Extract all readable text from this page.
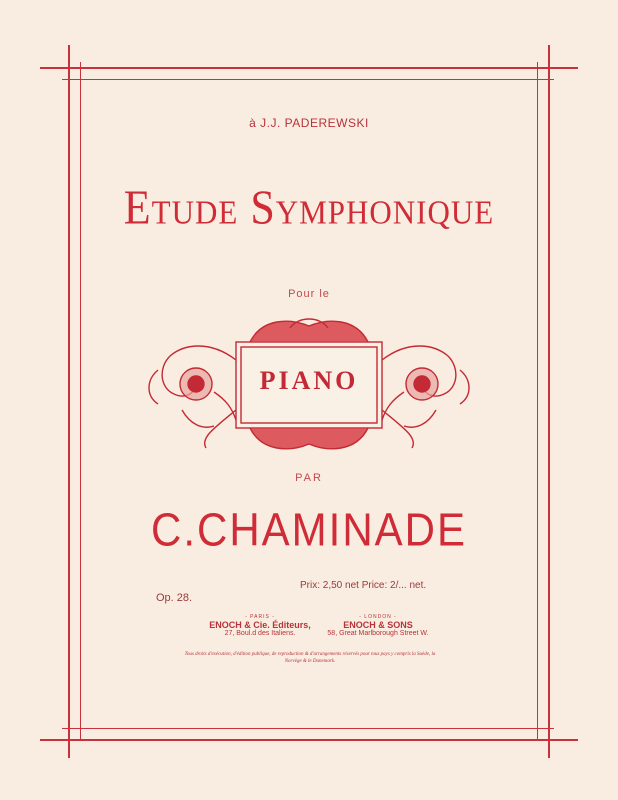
à J.J. PADEREWSKI
Etude Symphonique
Pour le
PIANO
PAR
C.CHAMINADE
Op. 28.
Prix: 2,50 net Price: 2/... net.
- PARIS -
ENOCH & Cie. Éditeurs,
27, Boul.d des Italiens.
- LONDON -
ENOCH & SONS
58, Great Marlborough Street W.
Tous droits d'exécution, d'édition publique, de reproduction & d'arrangements réservés pour tous pays y compris la Suède, la Norvège & le Danemark.
